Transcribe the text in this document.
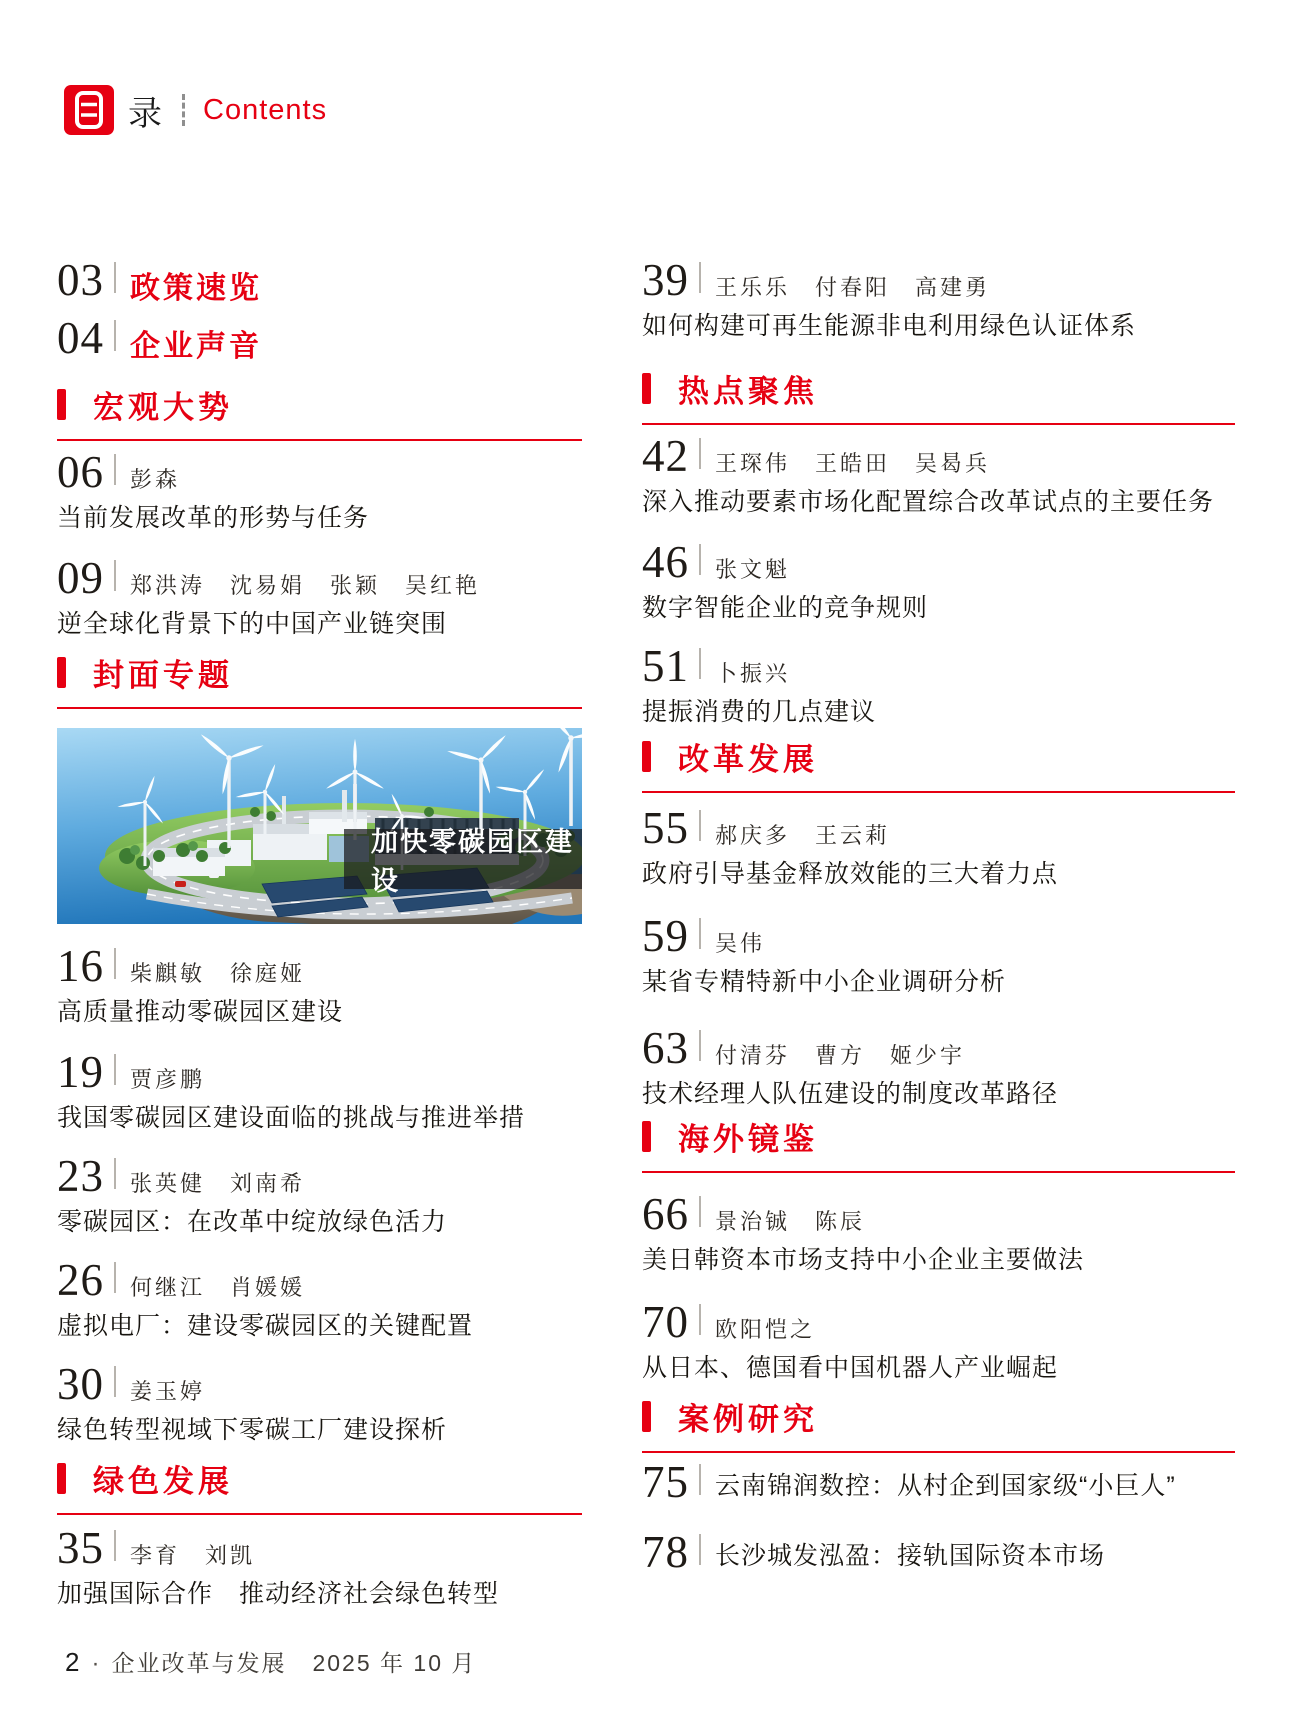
录 Contents
03 政策速览
04 企业声音
宏观大势
06 彭森
当前发展改革的形势与任务
09 郑洪涛　沈易娟　张颖　吴红艳
逆全球化背景下的中国产业链突围
封面专题
加快零碳园区建设
16 柴麒敏　徐庭娅
高质量推动零碳园区建设
19 贾彦鹏
我国零碳园区建设面临的挑战与推进举措
23 张英健　刘南希
零碳园区：在改革中绽放绿色活力
26 何继江　肖媛媛
虚拟电厂：建设零碳园区的关键配置
30 姜玉婷
绿色转型视域下零碳工厂建设探析
绿色发展
35 李育　刘凯
加强国际合作　推动经济社会绿色转型
39 王乐乐　付春阳　高建勇
如何构建可再生能源非电利用绿色认证体系
热点聚焦
42 王琛伟　王皓田　吴曷兵
深入推动要素市场化配置综合改革试点的主要任务
46 张文魁
数字智能企业的竞争规则
51 卜振兴
提振消费的几点建议
改革发展
55 郝庆多　王云莉
政府引导基金释放效能的三大着力点
59 吴伟
某省专精特新中小企业调研分析
63 付清芬　曹方　姬少宇
技术经理人队伍建设的制度改革路径
海外镜鉴
66 景治铖　陈辰
美日韩资本市场支持中小企业主要做法
70 欧阳恺之
从日本、德国看中国机器人产业崛起
案例研究
75 云南锦润数控：从村企到国家级“小巨人”
78 长沙城发泓盈：接轨国际资本市场
2 · 企业改革与发展 2025 年 10 月
